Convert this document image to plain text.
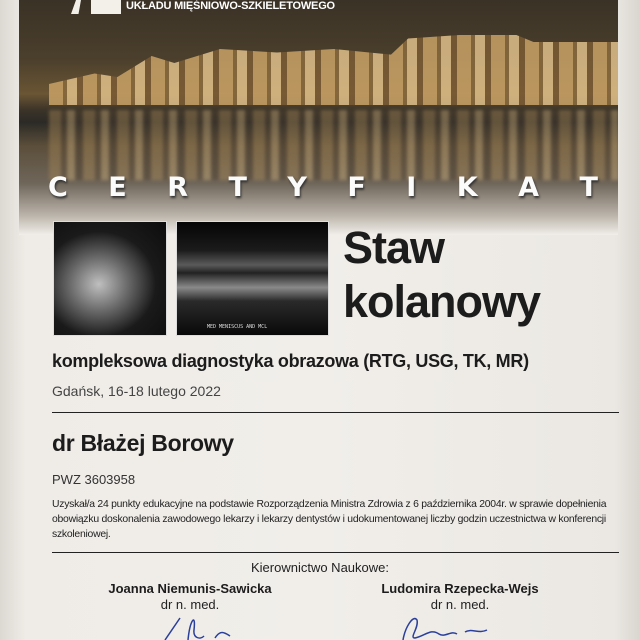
UKŁADU MIĘŚNIOWO-SZKIELETOWEGO
C E R T Y F I K A T
MED MENISCUS AND MCL
Staw
kolanowy
kompleksowa diagnostyka obrazowa (RTG, USG, TK, MR)
Gdańsk, 16-18 lutego 2022
dr Błażej Borowy
PWZ 3603958
Uzyskał/a 24 punkty edukacyjne na podstawie Rozporządzenia Ministra Zdrowia z 6 października 2004r. w sprawie dopełnienia obowiązku doskonalenia zawodowego lekarzy i lekarzy dentystów i udokumentowanej liczby godzin uczestnictwa w konferencji szkoleniowej.
Kierownictwo Naukowe:
Joanna Niemunis-Sawicka
dr n. med.
Ludomira Rzepecka-Wejs
dr n. med.
